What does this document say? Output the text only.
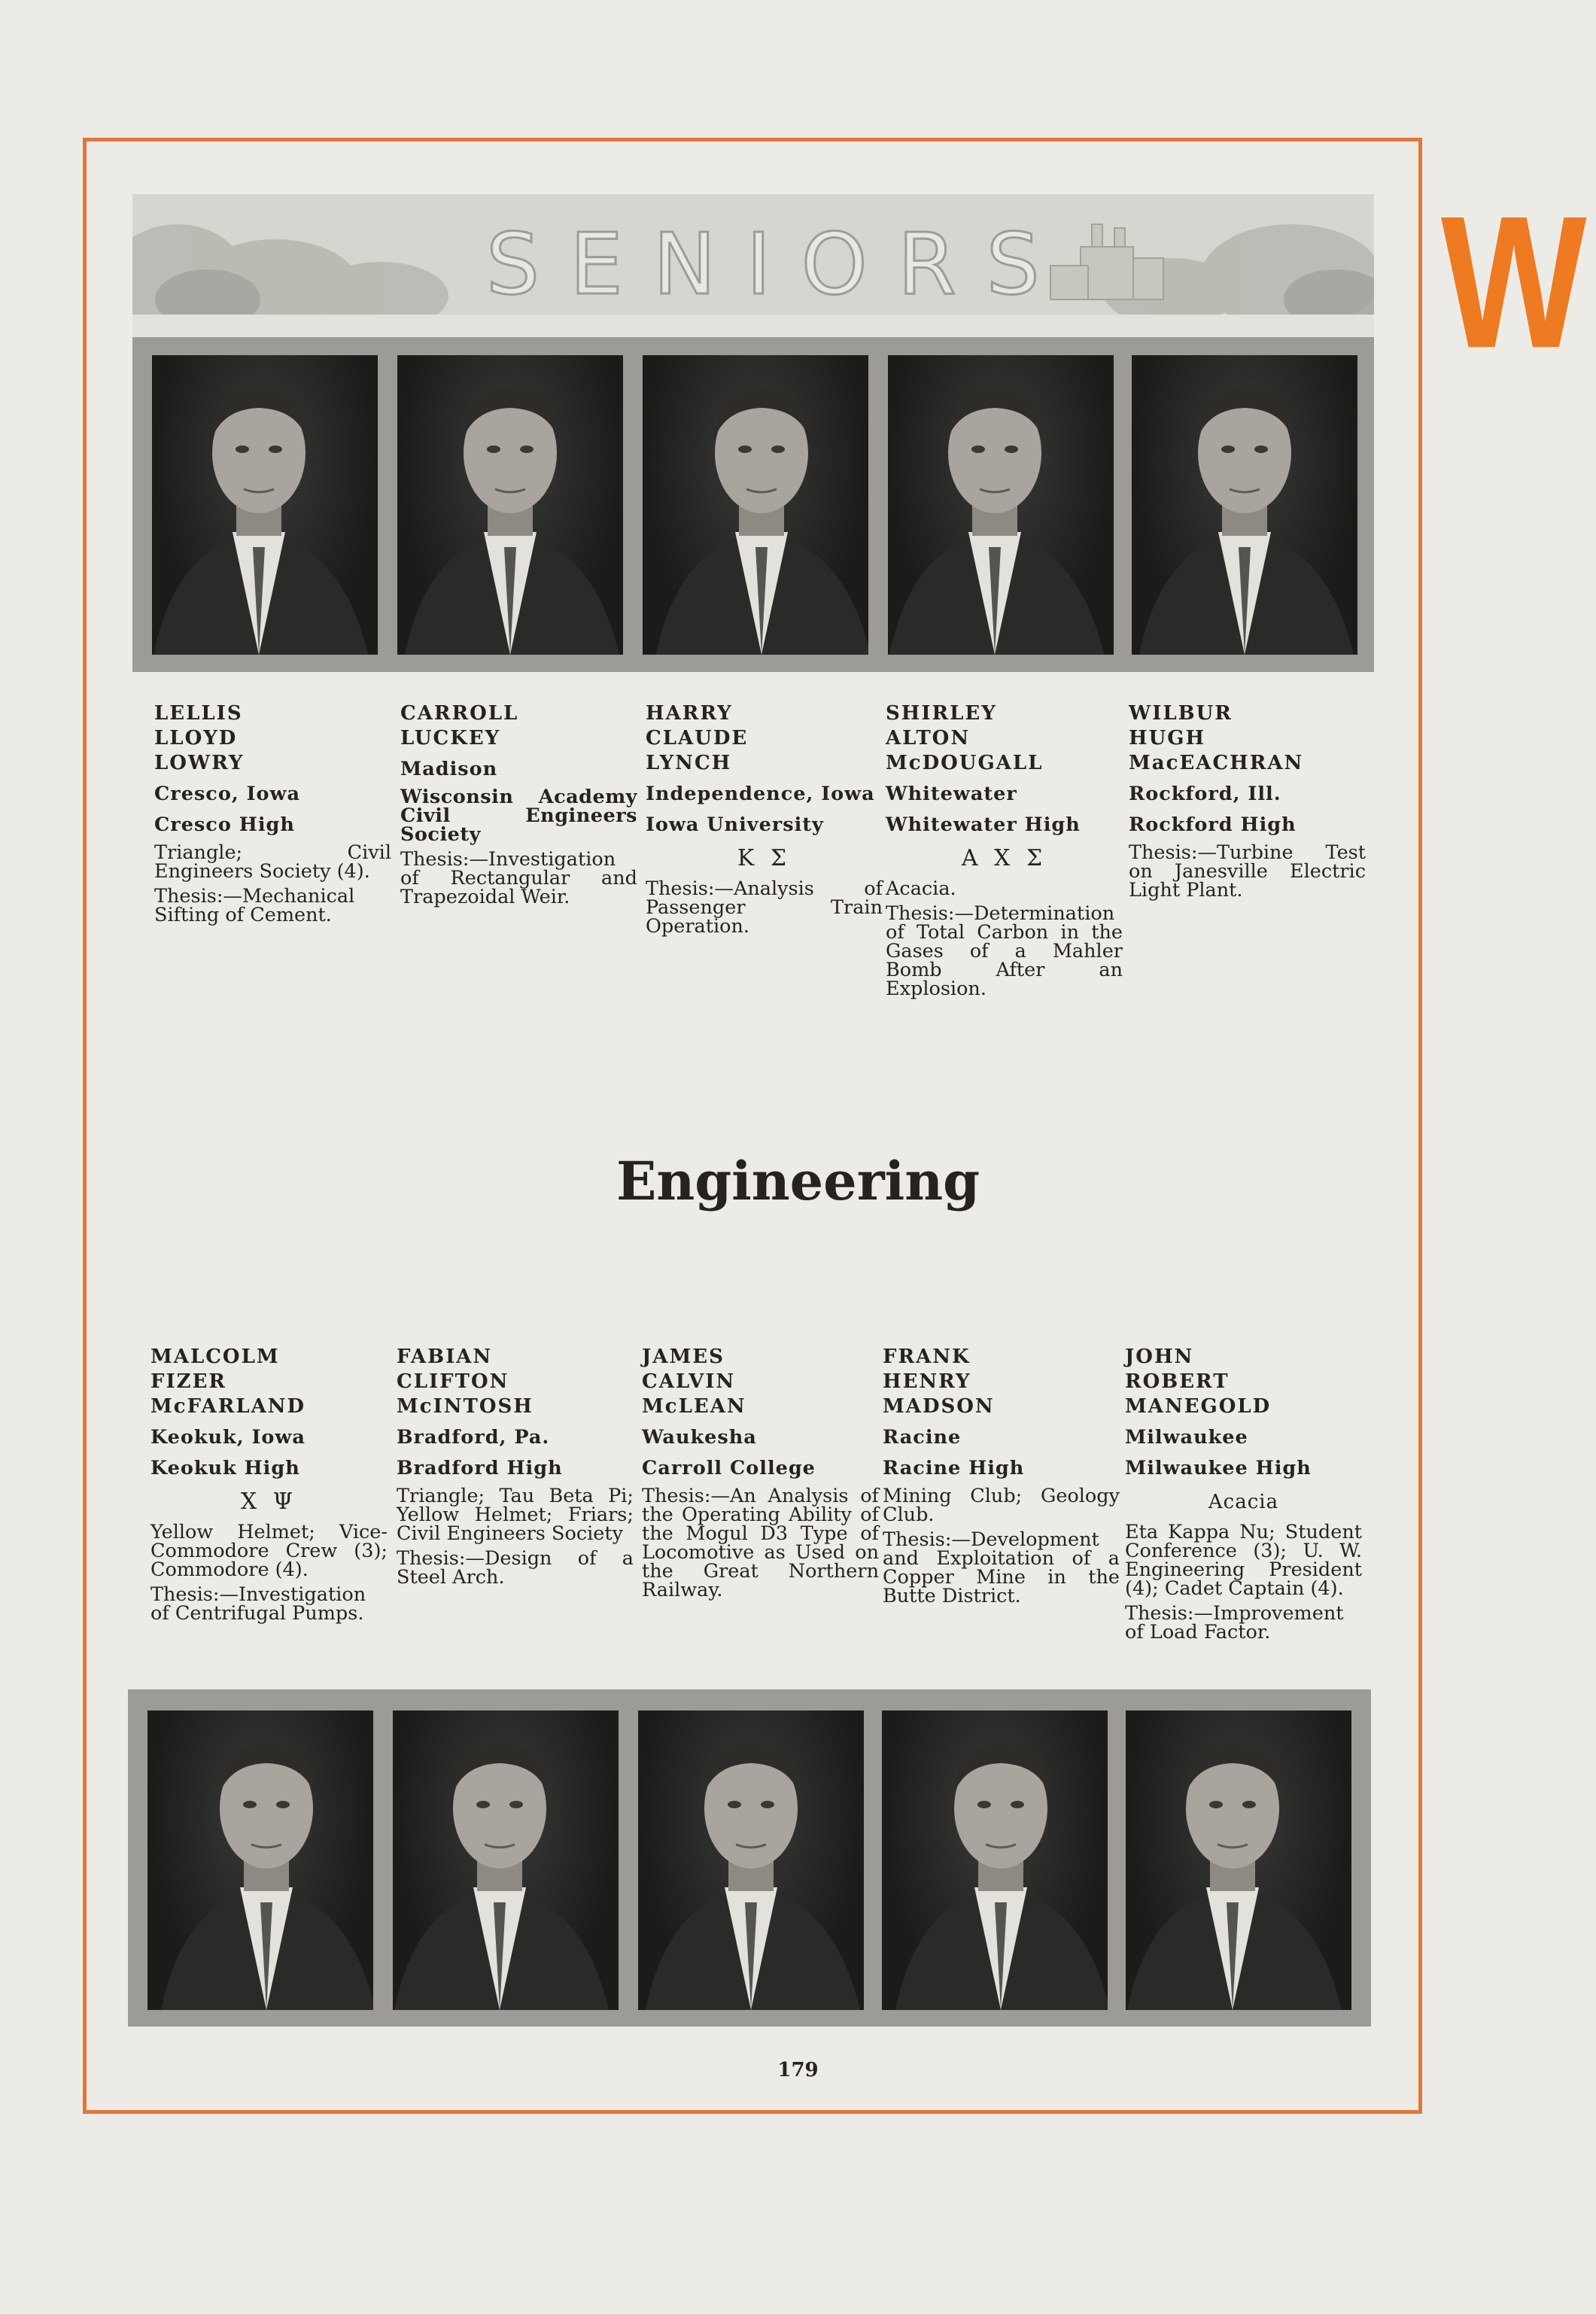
W
SENIORS
LELLIS
LLOYD
LOWRY
Cresco, Iowa
Cresco High
Triangle; Civil Engineers Society (4).
Thesis:—Mechanical Sifting of Cement.
CARROLL
LUCKEY
Madison
Wisconsin Academy Civil Engineers Society
Thesis:—Investigation of Rectangular and Trapezoidal Weir.
HARRY
CLAUDE
LYNCH
Independence, Iowa
Iowa University
Κ Σ
Thesis:—Analysis of Passenger Train Operation.
SHIRLEY
ALTON
McDOUGALL
Whitewater
Whitewater High
Α Χ Σ
Acacia.
Thesis:—Determination of Total Carbon in the Gases of a Mahler Bomb After an Explosion.
WILBUR
HUGH
MacEACHRAN
Rockford, Ill.
Rockford High
Thesis:—Turbine Test on Janesville Electric Light Plant.
Engineering
MALCOLM
FIZER
McFARLAND
Keokuk, Iowa
Keokuk High
Χ Ψ
Yellow Helmet; Vice-Commodore Crew (3); Commodore (4).
Thesis:—Investigation of Centrifugal Pumps.
FABIAN
CLIFTON
McINTOSH
Bradford, Pa.
Bradford High
Triangle; Tau Beta Pi; Yellow Helmet; Friars; Civil Engineers Society
Thesis:—Design of a Steel Arch.
JAMES
CALVIN
McLEAN
Waukesha
Carroll College
Thesis:—An Analysis of the Operating Ability of the Mogul D3 Type of Locomotive as Used on the Great Northern Railway.
FRANK
HENRY
MADSON
Racine
Racine High
Mining Club; Geology Club.
Thesis:—Development and Exploitation of a Copper Mine in the Butte District.
JOHN
ROBERT
MANEGOLD
Milwaukee
Milwaukee High
Acacia
Eta Kappa Nu; Student Conference (3); U. W. Engineering President (4); Cadet Captain (4).
Thesis:—Improvement of Load Factor.
179
